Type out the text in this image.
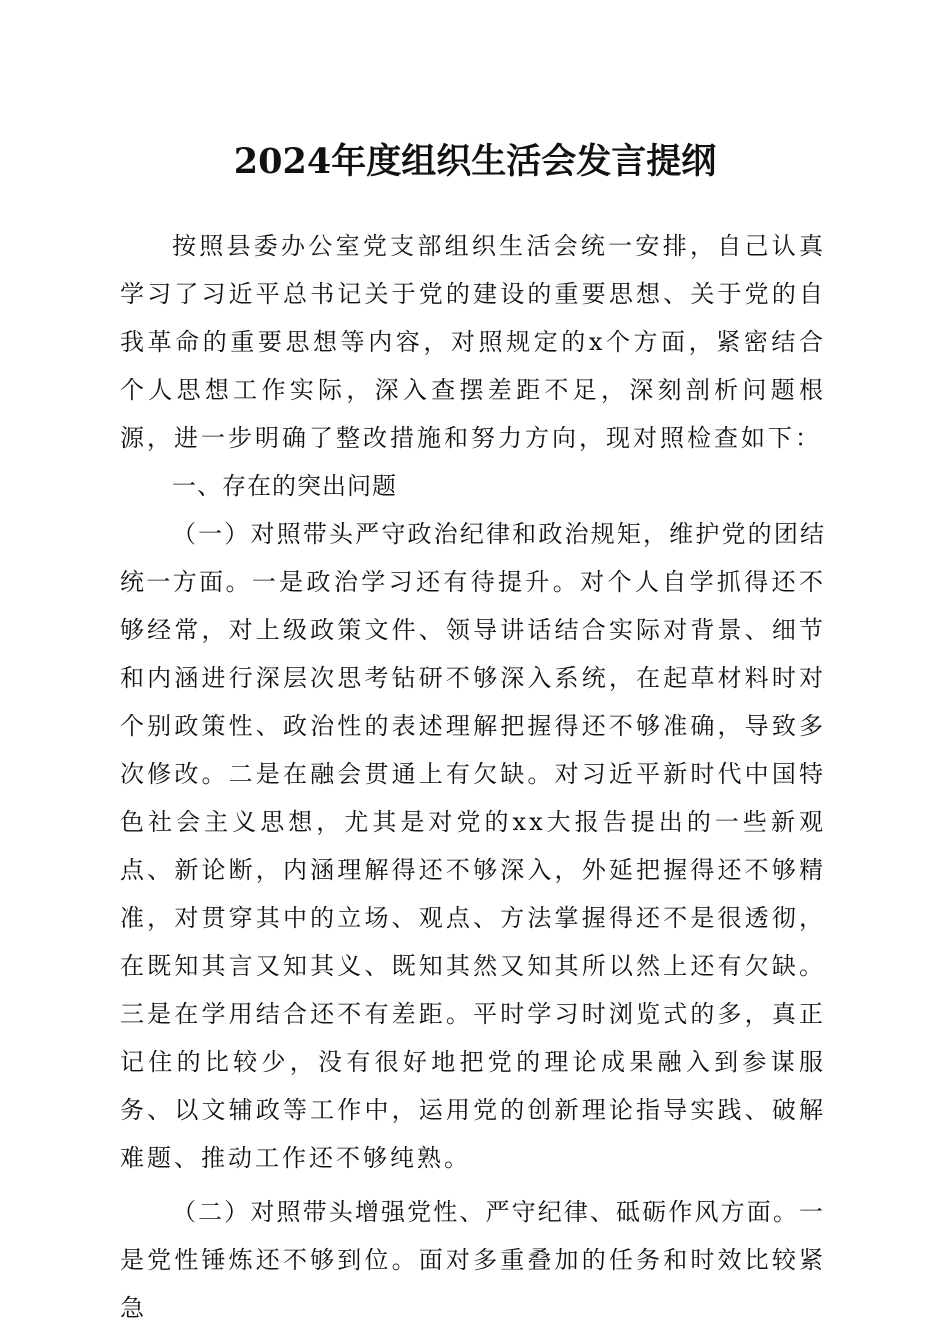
2024年度组织生活会发言提纲

按照县委办公室党支部组织生活会统一安排，自己认真学习了习近平总书记关于党的建设的重要思想、关于党的自我革命的重要思想等内容，对照规定的x个方面，紧密结合个人思想工作实际，深入查摆差距不足，深刻剖析问题根源，进一步明确了整改措施和努力方向，现对照检查如下：

一、存在的突出问题

（一）对照带头严守政治纪律和政治规矩，维护党的团结统一方面。一是政治学习还有待提升。对个人自学抓得还不够经常，对上级政策文件、领导讲话结合实际对背景、细节和内涵进行深层次思考钻研不够深入系统，在起草材料时对个别政策性、政治性的表述理解把握得还不够准确，导致多次修改。二是在融会贯通上有欠缺。对习近平新时代中国特色社会主义思想，尤其是对党的xx大报告提出的一些新观点、新论断，内涵理解得还不够深入，外延把握得还不够精准，对贯穿其中的立场、观点、方法掌握得还不是很透彻，在既知其言又知其义、既知其然又知其所以然上还有欠缺。三是在学用结合还不有差距。平时学习时浏览式的多，真正记住的比较少，没有很好地把党的理论成果融入到参谋服务、以文辅政等工作中，运用党的创新理论指导实践、破解难题、推动工作还不够纯熟。

（二）对照带头增强党性、严守纪律、砥砺作风方面。一是党性锤炼还不够到位。面对多重叠加的任务和时效比较紧急
